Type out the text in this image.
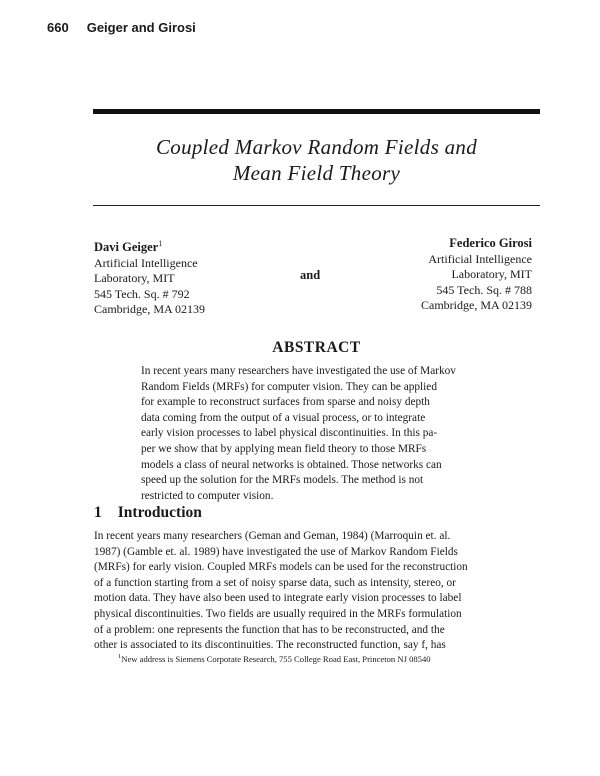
660 Geiger and Girosi
Coupled Markov Random Fields and
Mean Field Theory
Davi Geiger$^1$
Artificial Intelligence
Laboratory, MIT
545 Tech. Sq. # 792
Cambridge, MA 02139
and
Federico Girosi
Artificial Intelligence
Laboratory, MIT
545 Tech. Sq. # 788
Cambridge, MA 02139
ABSTRACT
In recent years many researchers have investigated the use of Markov
Random Fields (MRFs) for computer vision. They can be applied
for example to reconstruct surfaces from sparse and noisy depth
data coming from the output of a visual process, or to integrate
early vision processes to label physical discontinuities. In this pa-
per we show that by applying mean field theory to those MRFs
models a class of neural networks is obtained. Those networks can
speed up the solution for the MRFs models. The method is not
restricted to computer vision.
1 Introduction
In recent years many researchers (Geman and Geman, 1984) (Marroquin et. al.
1987) (Gamble et. al. 1989) have investigated the use of Markov Random Fields
(MRFs) for early vision. Coupled MRFs models can be used for the reconstruction
of a function starting from a set of noisy sparse data, such as intensity, stereo, or
motion data. They have also been used to integrate early vision processes to label
physical discontinuities. Two fields are usually required in the MRFs formulation
of a problem: one represents the function that has to be reconstructed, and the
other is associated to its discontinuities. The reconstructed function, say f, has
$^1$New address is Siemens Corporate Research, 755 College Road East, Princeton NJ 08540
